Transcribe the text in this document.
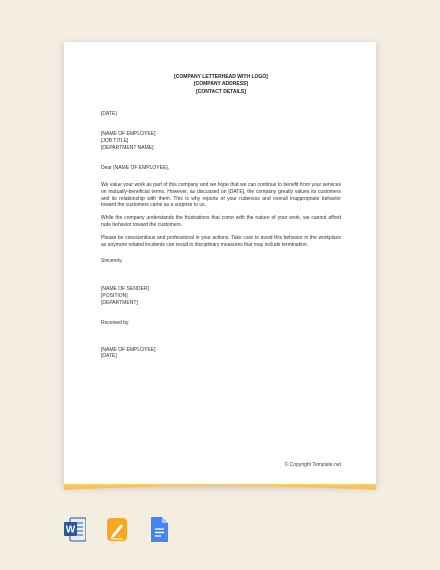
[COMPANY LETTERHEAD WITH LOGO]
[COMPANY ADDRESS]
[CONTACT DETAILS]
[DATE]
[NAME OF EMPLOYEE]
[JOB TITLE]
[DEPARTMENT NAME]
Dear [NAME OF EMPLOYEE],
We value your work as part of this company and we hope that we can continue to benefit from your services on mutually-beneficial terms. However, as discussed on [DATE], the company greatly values its customers and its relationship with them. This is why reports of your rudeness and overall inappropriate behavior toward the customers came as a surprise to us.
While the company understands the frustrations that come with the nature of your work, we cannot afford rude behavior toward the customers.
Please be conscientious and professional in your actions. Take care to avoid this behavior in the workplace as anymore related incidents can result in disciplinary measures that may include termination.
Sincerely,
[NAME OF SENDER]
[POSITION]
[DEPARTMENT]
Received by
[NAME OF EMPLOYEE]
[DATE]
© Copyright Template.net
W
